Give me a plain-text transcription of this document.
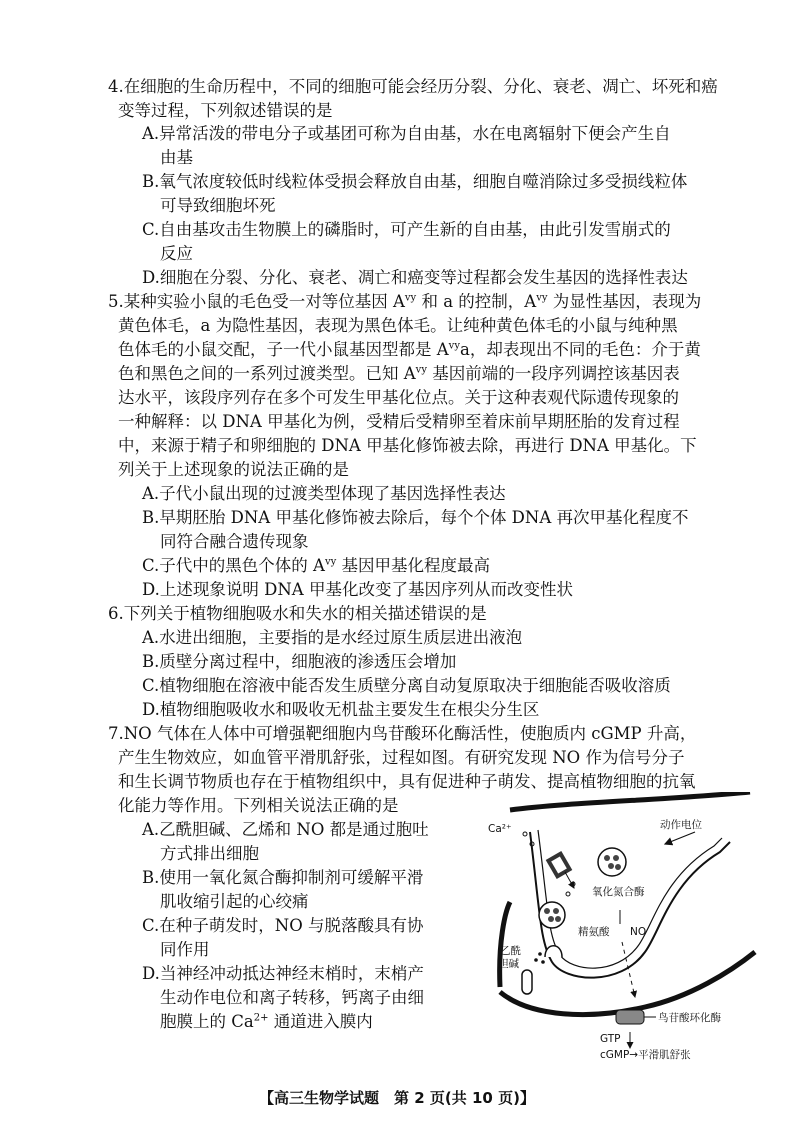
4.在细胞的生命历程中，不同的细胞可能会经历分裂、分化、衰老、凋亡、坏死和癌
变等过程，下列叙述错误的是
A.异常活泼的带电分子或基团可称为自由基，水在电离辐射下便会产生自
由基
B.氧气浓度较低时线粒体受损会释放自由基，细胞自噬消除过多受损线粒体
可导致细胞坏死
C.自由基攻击生物膜上的磷脂时，可产生新的自由基，由此引发雪崩式的
反应
D.细胞在分裂、分化、衰老、凋亡和癌变等过程都会发生基因的选择性表达
5.某种实验小鼠的毛色受一对等位基因 $A^{vy}$ 和 a 的控制，$A^{vy}$ 为显性基因，表现为
黄色体毛，a 为隐性基因，表现为黑色体毛。让纯种黄色体毛的小鼠与纯种黑
色体毛的小鼠交配，子一代小鼠基因型都是 $A^{vy}a$，却表现出不同的毛色：介于黄
色和黑色之间的一系列过渡类型。已知 $A^{vy}$ 基因前端的一段序列调控该基因表
达水平，该段序列存在多个可发生甲基化位点。关于这种表观代际遗传现象的
一种解释：以 DNA 甲基化为例，受精后受精卵至着床前早期胚胎的发育过程
中，来源于精子和卵细胞的 DNA 甲基化修饰被去除，再进行 DNA 甲基化。下
列关于上述现象的说法正确的是
A.子代小鼠出现的过渡类型体现了基因选择性表达
B.早期胚胎 DNA 甲基化修饰被去除后，每个个体 DNA 再次甲基化程度不
同符合融合遗传现象
C.子代中的黑色个体的 $A^{vy}$ 基因甲基化程度最高
D.上述现象说明 DNA 甲基化改变了基因序列从而改变性状
6.下列关于植物细胞吸水和失水的相关描述错误的是
A.水进出细胞，主要指的是水经过原生质层进出液泡
B.质壁分离过程中，细胞液的渗透压会增加
C.植物细胞在溶液中能否发生质壁分离自动复原取决于细胞能否吸收溶质
D.植物细胞吸收水和吸收无机盐主要发生在根尖分生区
7.NO 气体在人体中可增强靶细胞内鸟苷酸环化酶活性，使胞质内 cGMP 升高，
产生生物效应，如血管平滑肌舒张，过程如图。有研究发现 NO 作为信号分子
和生长调节物质也存在于植物组织中，具有促进种子萌发、提高植物细胞的抗氧
化能力等作用。下列相关说法正确的是
A.乙酰胆碱、乙烯和 NO 都是通过胞吐
方式排出细胞
B.使用一氧化氮合酶抑制剂可缓解平滑
肌收缩引起的心绞痛
C.在种子萌发时，NO 与脱落酸具有协
同作用
D.当神经冲动抵达神经末梢时，末梢产
生动作电位和离子转移，钙离子由细
胞膜上的 $Ca^{2+}$ 通道进入膜内
Ca²⁺	动作电位
氧化氮合酶
精氨酸 NO
乙酰
胆碱
鸟苷酸环化酶
GTP
cGMP→平滑肌舒张
【高三生物学试题　第 2 页(共 10 页)】
